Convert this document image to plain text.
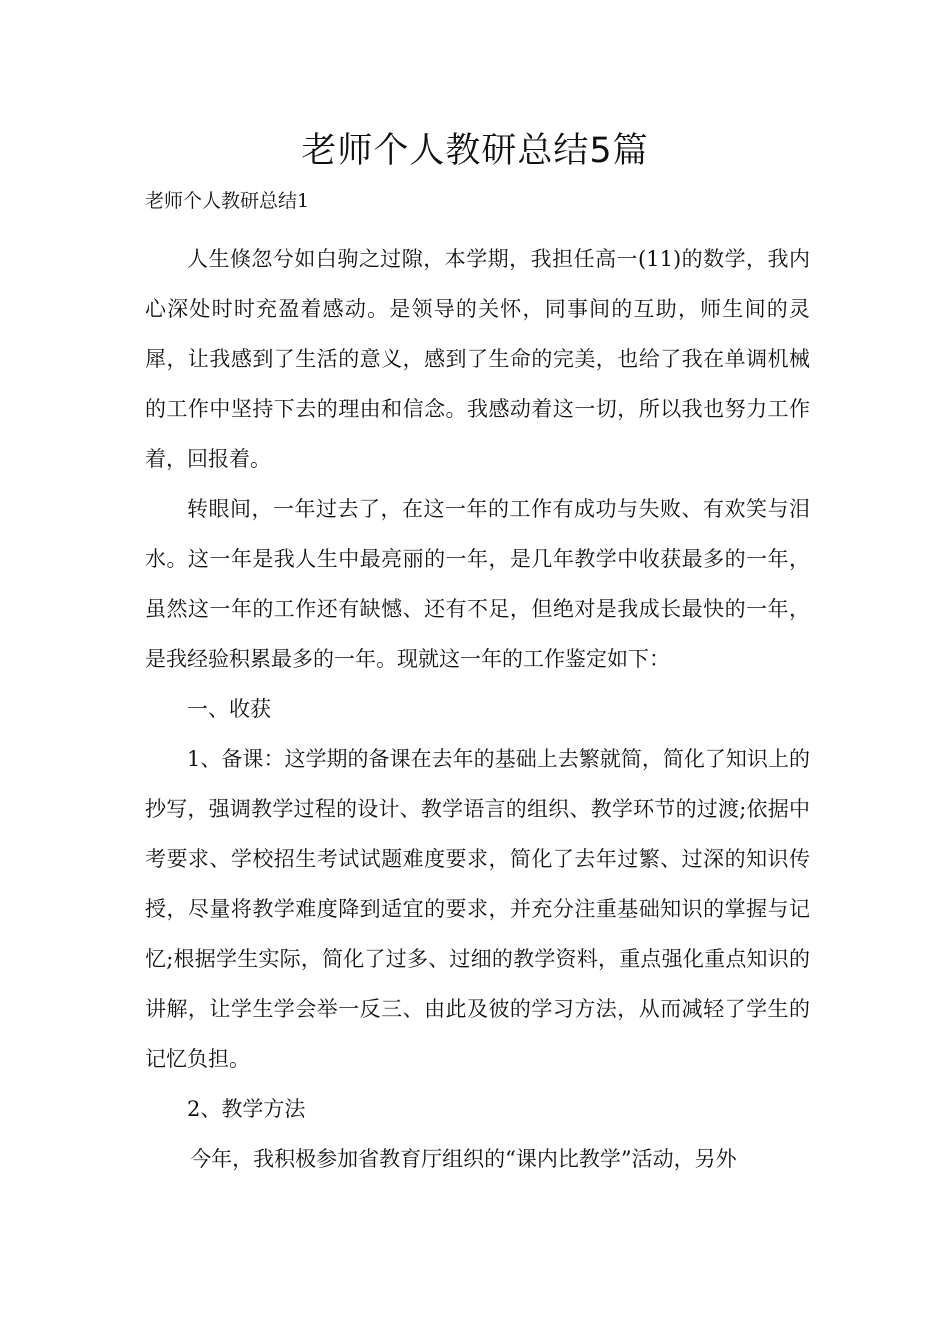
老师个人教研总结5篇
老师个人教研总结1

人生倏忽兮如白驹之过隙，本学期，我担任高一(11)的数学，我内心深处时时充盈着感动。是领导的关怀，同事间的互助，师生间的灵犀，让我感到了生活的意义，感到了生命的完美，也给了我在单调机械的工作中坚持下去的理由和信念。我感动着这一切，所以我也努力工作着，回报着。

转眼间，一年过去了，在这一年的工作有成功与失败、有欢笑与泪水。这一年是我人生中最亮丽的一年，是几年教学中收获最多的一年，虽然这一年的工作还有缺憾、还有不足，但绝对是我成长最快的一年，是我经验积累最多的一年。现就这一年的工作鉴定如下：

一、收获

1、备课：这学期的备课在去年的基础上去繁就简，简化了知识上的抄写，强调教学过程的设计、教学语言的组织、教学环节的过渡;依据中考要求、学校招生考试试题难度要求，简化了去年过繁、过深的知识传授，尽量将教学难度降到适宜的要求，并充分注重基础知识的掌握与记忆;根据学生实际，简化了过多、过细的教学资料，重点强化重点知识的讲解，让学生学会举一反三、由此及彼的学习方法，从而减轻了学生的记忆负担。

2、教学方法

今年，我积极参加省教育厅组织的“课内比教学”活动，另外
